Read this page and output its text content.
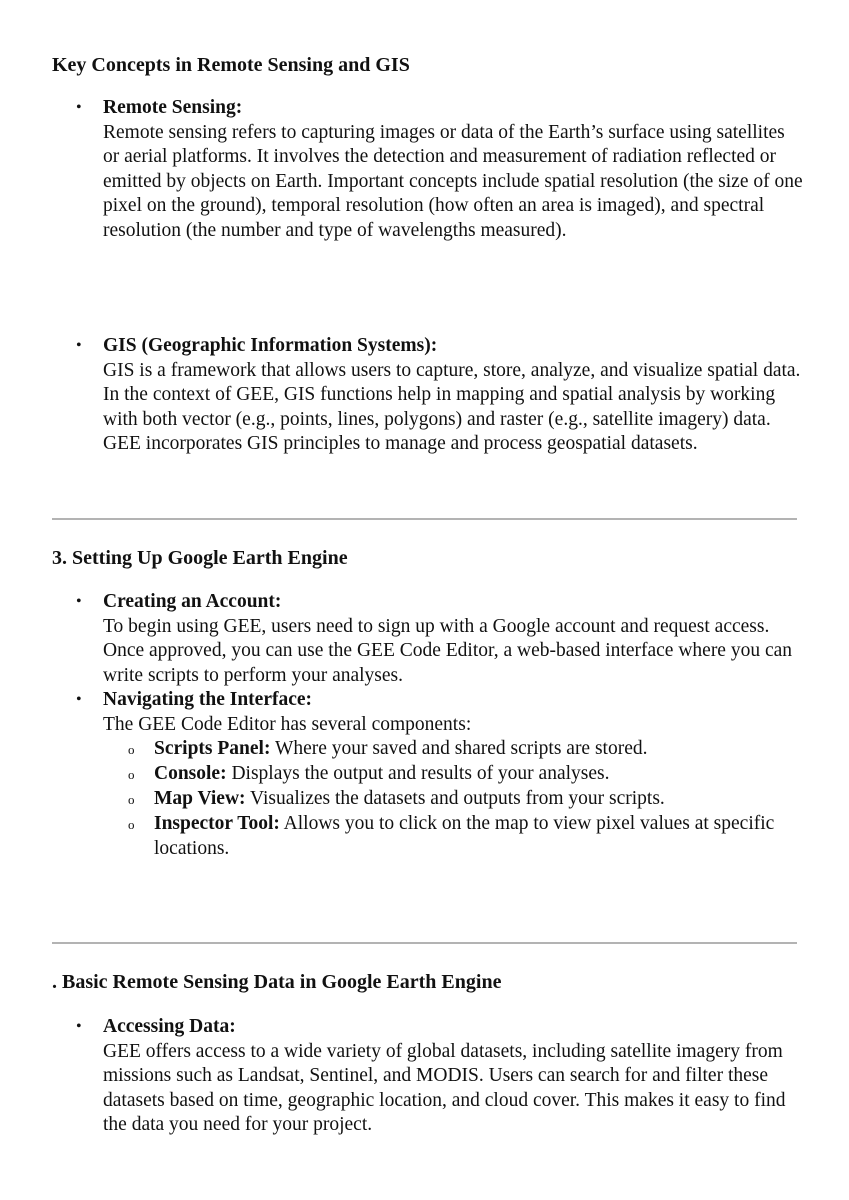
Key Concepts in Remote Sensing and GIS
• Remote Sensing:
Remote sensing refers to capturing images or data of the Earth’s surface using satellites or aerial platforms. It involves the detection and measurement of radiation reflected or emitted by objects on Earth. Important concepts include spatial resolution (the size of one pixel on the ground), temporal resolution (how often an area is imaged), and spectral resolution (the number and type of wavelengths measured).
• GIS (Geographic Information Systems):
GIS is a framework that allows users to capture, store, analyze, and visualize spatial data. In the context of GEE, GIS functions help in mapping and spatial analysis by working with both vector (e.g., points, lines, polygons) and raster (e.g., satellite imagery) data. GEE incorporates GIS principles to manage and process geospatial datasets.
3. Setting Up Google Earth Engine
• Creating an Account:
To begin using GEE, users need to sign up with a Google account and request access. Once approved, you can use the GEE Code Editor, a web-based interface where you can write scripts to perform your analyses.
• Navigating the Interface:
The GEE Code Editor has several components:
o Scripts Panel: Where your saved and shared scripts are stored.
o Console: Displays the output and results of your analyses.
o Map View: Visualizes the datasets and outputs from your scripts.
o Inspector Tool: Allows you to click on the map to view pixel values at specific locations.
. Basic Remote Sensing Data in Google Earth Engine
• Accessing Data:
GEE offers access to a wide variety of global datasets, including satellite imagery from missions such as Landsat, Sentinel, and MODIS. Users can search for and filter these datasets based on time, geographic location, and cloud cover. This makes it easy to find the data you need for your project.
